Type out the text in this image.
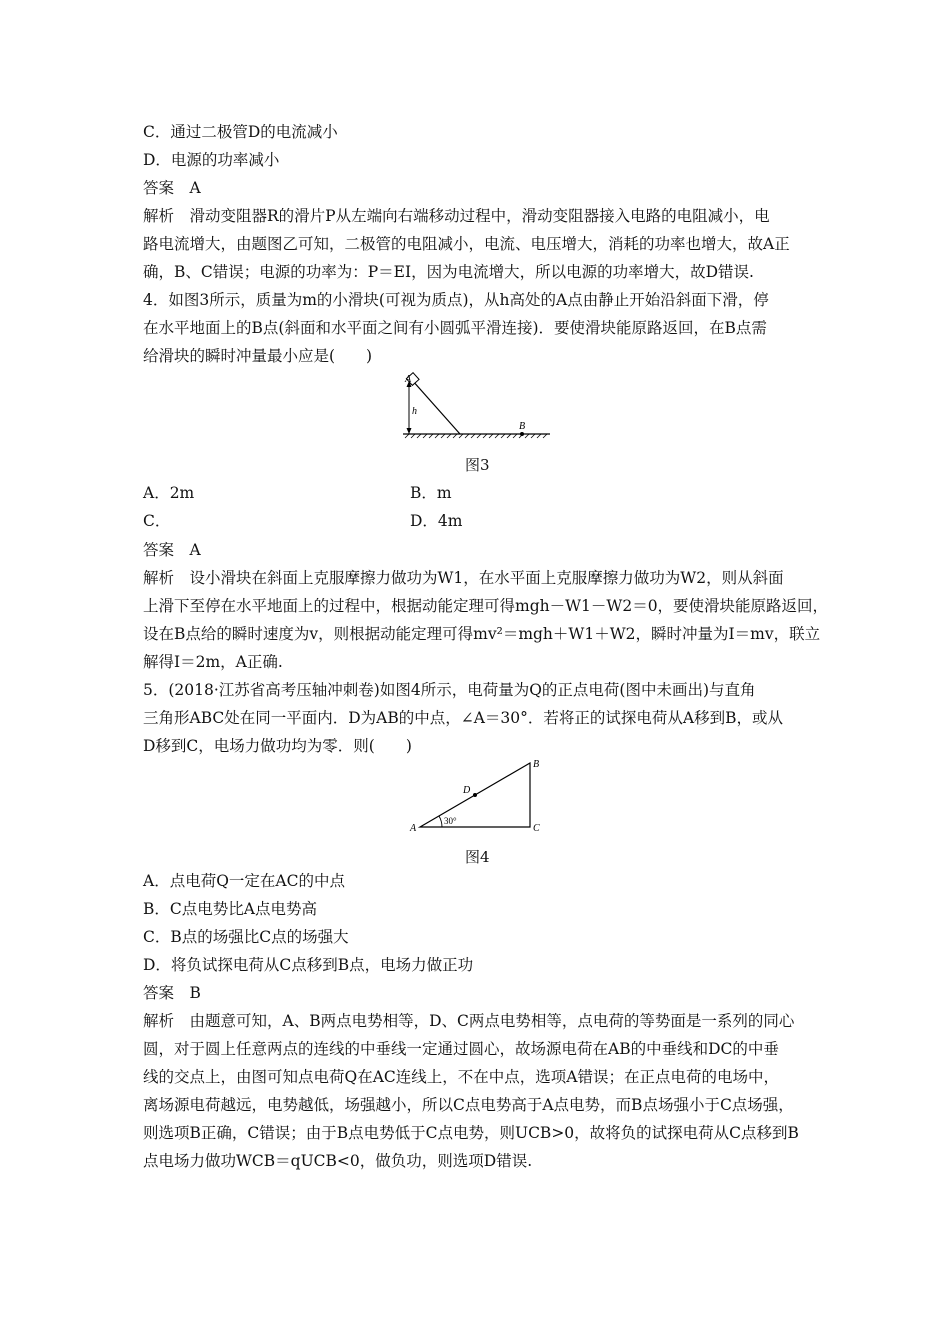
C．通过二极管D的电流减小
D．电源的功率减小
答案　A
解析　滑动变阻器R的滑片P从左端向右端移动过程中，滑动变阻器接入电路的电阻减小，电
路电流增大，由题图乙可知，二极管的电阻减小，电流、电压增大，消耗的功率也增大，故A正
确，B、C错误；电源的功率为：P＝EI，因为电流增大，所以电源的功率增大，故D错误.
4．如图3所示，质量为m的小滑块(可视为质点)，从h高处的A点由静止开始沿斜面下滑，停
在水平地面上的B点(斜面和水平面之间有小圆弧平滑连接)．要使滑块能原路返回，在B点需
给滑块的瞬时冲量最小应是(　　)
A
h
B
图3
A．2m	B．m
C．	D．4m
答案　A
解析　设小滑块在斜面上克服摩擦力做功为W1，在水平面上克服摩擦力做功为W2，则从斜面
上滑下至停在水平地面上的过程中，根据动能定理可得mgh－W1－W2＝0，要使滑块能原路返回，
设在B点给的瞬时速度为v，则根据动能定理可得mv²＝mgh＋W1＋W2，瞬时冲量为I＝mv，联立
解得I＝2m，A正确.
5．(2018·江苏省高考压轴冲刺卷)如图4所示，电荷量为Q的正点电荷(图中未画出)与直角
三角形ABC处在同一平面内．D为AB的中点，∠A＝30°．若将正的试探电荷从A移到B，或从
D移到C，电场力做功均为零．则(　　)
A
B
C
D
30°
图4
A．点电荷Q一定在AC的中点
B．C点电势比A点电势高
C．B点的场强比C点的场强大
D．将负试探电荷从C点移到B点，电场力做正功
答案　B
解析　由题意可知，A、B两点电势相等，D、C两点电势相等，点电荷的等势面是一系列的同心
圆，对于圆上任意两点的连线的中垂线一定通过圆心，故场源电荷在AB的中垂线和DC的中垂
线的交点上，由图可知点电荷Q在AC连线上，不在中点，选项A错误；在正点电荷的电场中，
离场源电荷越远，电势越低，场强越小，所以C点电势高于A点电势，而B点场强小于C点场强，
则选项B正确，C错误；由于B点电势低于C点电势，则UCB>0，故将负的试探电荷从C点移到B
点电场力做功WCB＝qUCB<0，做负功，则选项D错误.
